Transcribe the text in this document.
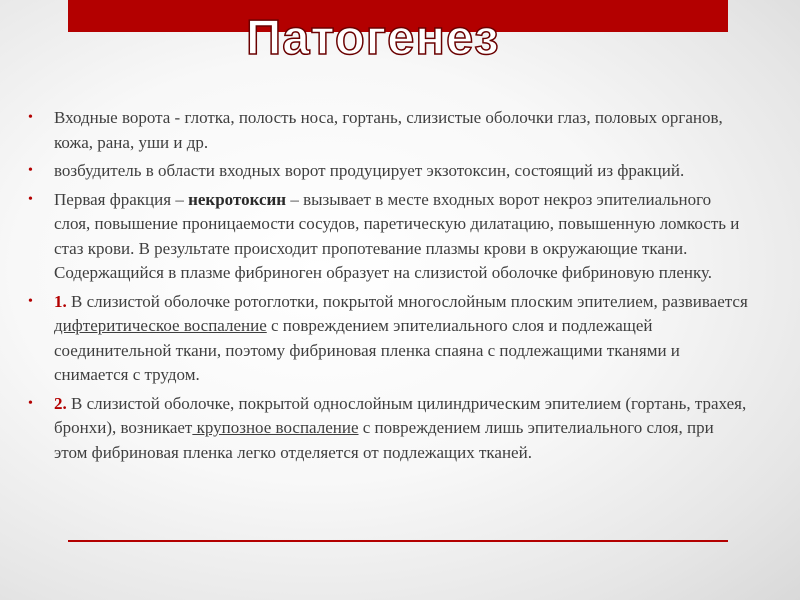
Патогенез
• Входные ворота - глотка, полость носа, гортань, слизистые оболочки глаз, половых органов, кожа, рана, уши и др.
• возбудитель в области входных ворот продуцирует экзотоксин, состоящий из фракций.
• Первая фракция – некротоксин – вызывает в месте входных ворот некроз эпителиального слоя, повышение проницаемости сосудов, паретическую дилатацию, повышенную ломкость и стаз крови. В результате происходит пропотевание плазмы крови в окружающие ткани. Содержащийся в плазме фибриноген образует на слизистой оболочке фибриновую пленку.
• 1. В слизистой оболочке ротоглотки, покрытой многослойным плоским эпителием, развивается дифтеритическое воспаление с повреждением эпителиального слоя и подлежащей соединительной ткани, поэтому фибриновая пленка спаяна с подлежащими тканями и снимается с трудом.
• 2. В слизистой оболочке, покрытой однослойным цилиндрическим эпителием (гортань, трахея, бронхи), возникает крупозное воспаление с повреждением лишь эпителиального слоя, при этом фибриновая пленка легко отделяется от подлежащих тканей.
